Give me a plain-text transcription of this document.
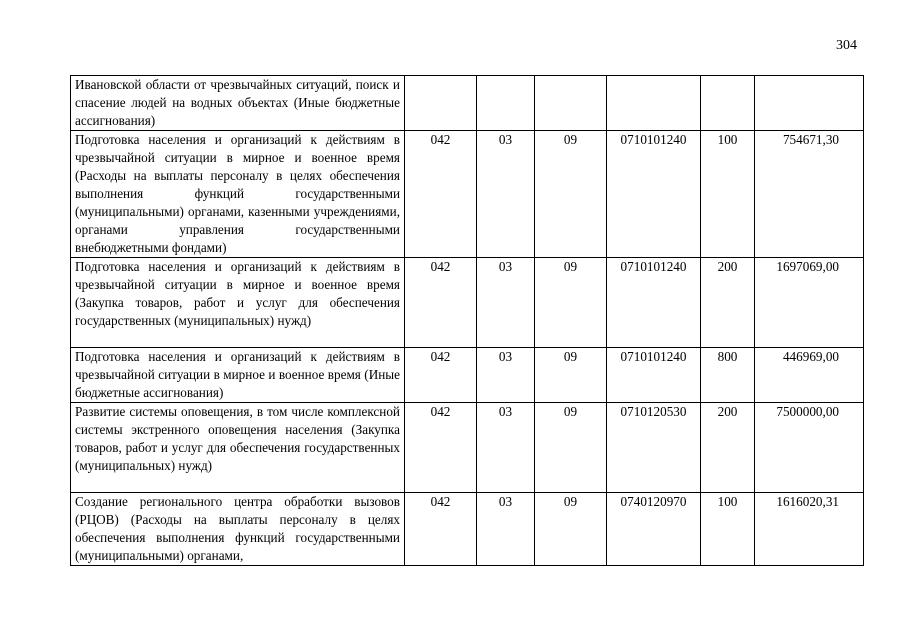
304
Ивановской области от чрезвычайных ситуаций, поиск и спасение людей на водных объектах (Иные бюджетные ассигнования)						
Подготовка населения и организаций к действиям в чрезвычайной ситуации в мирное и военное время (Расходы на выплаты персоналу в целях обеспечения выполнения функций государственными (муниципальными) органами, казенными учреждениями, органами управления государственными внебюджетными фондами)	042	03	09	0710101240	100	754671,30
Подготовка населения и организаций к действиям в чрезвычайной ситуации в мирное и военное время (Закупка товаров, работ и услуг для обеспечения государственных (муниципальных) нужд)	042	03	09	0710101240	200	1697069,00
Подготовка населения и организаций к действиям в чрезвычайной ситуации в мирное и военное время (Иные бюджетные ассигнования)	042	03	09	0710101240	800	446969,00
Развитие системы оповещения, в том числе комплексной системы экстренного оповещения населения (Закупка товаров, работ и услуг для обеспечения государственных (муниципальных) нужд)	042	03	09	0710120530	200	7500000,00
Создание регионального центра обработки вызовов (РЦОВ) (Расходы на выплаты персоналу в целях обеспечения выполнения функций государственными (муниципальными) органами,	042	03	09	0740120970	100	1616020,31
